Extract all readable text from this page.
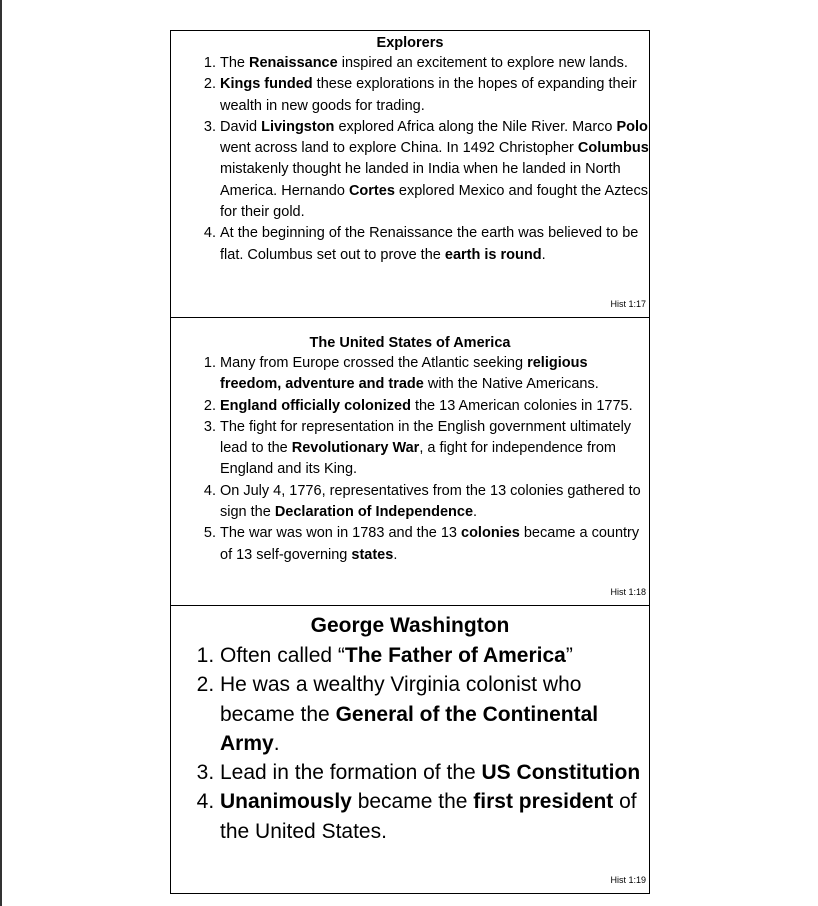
Explorers
1. The Renaissance inspired an excitement to explore new lands.
2. Kings funded these explorations in the hopes of expanding their wealth in new goods for trading.
3. David Livingston explored Africa along the Nile River. Marco Polo went across land to explore China. In 1492 Christopher Columbus mistakenly thought he landed in India when he landed in North America. Hernando Cortes explored Mexico and fought the Aztecs for their gold.
4. At the beginning of the Renaissance the earth was believed to be flat. Columbus set out to prove the earth is round.
Hist 1:17
The United States of America
1. Many from Europe crossed the Atlantic seeking religious freedom, adventure and trade with the Native Americans.
2. England officially colonized the 13 American colonies in 1775.
3. The fight for representation in the English government ultimately lead to the Revolutionary War, a fight for independence from England and its King.
4. On July 4, 1776, representatives from the 13 colonies gathered to sign the Declaration of Independence.
5. The war was won in 1783 and the 13 colonies became a country of 13 self-governing states.
Hist 1:18
George Washington
1. Often called “The Father of America”
2. He was a wealthy Virginia colonist who became the General of the Continental Army.
3. Lead in the formation of the US Constitution
4. Unanimously became the first president of the United States.
Hist 1:19
